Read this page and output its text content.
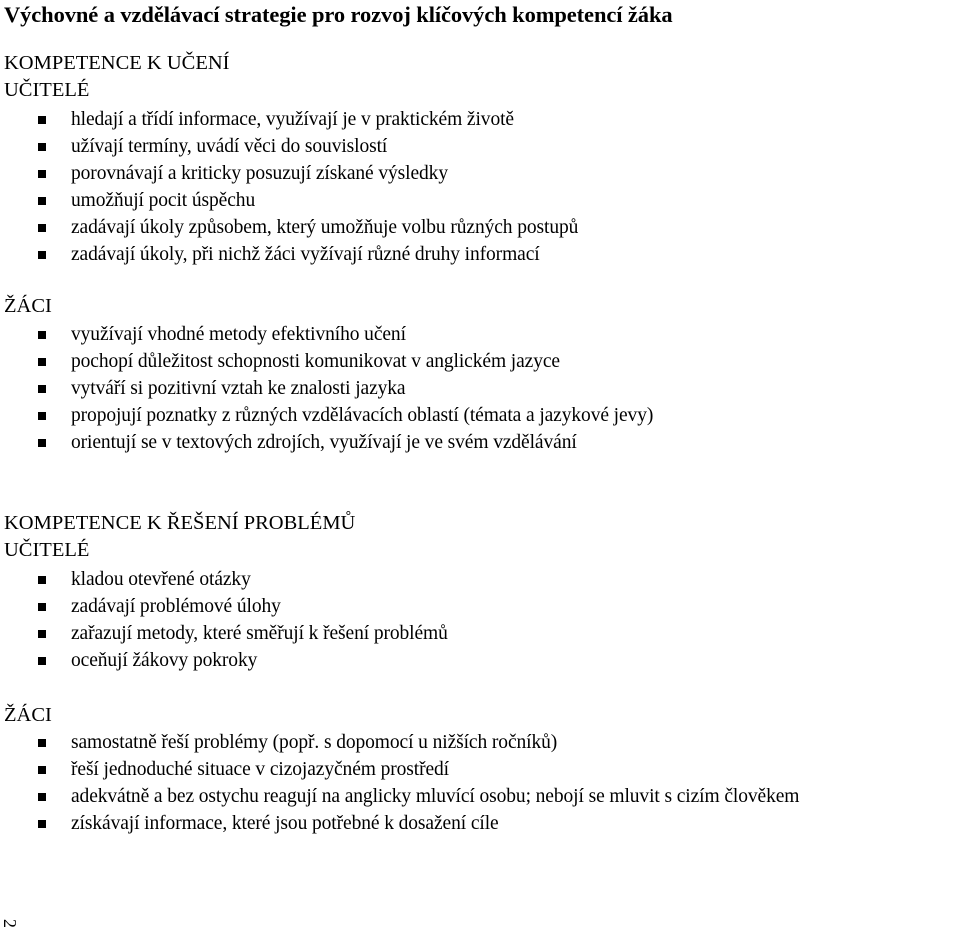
Výchovné a vzdělávací strategie pro rozvoj klíčových kompetencí žáka
KOMPETENCE K UČENÍ
UČITELÉ
hledají a třídí informace, využívají je v praktickém životě
užívají termíny, uvádí věci do souvislostí
porovnávají a kriticky posuzují získané výsledky
umožňují pocit úspěchu
zadávají úkoly způsobem, který umožňuje volbu různých postupů
zadávají úkoly, při nichž žáci vyžívají různé druhy informací
ŽÁCI
využívají vhodné metody efektivního učení
pochopí důležitost schopnosti komunikovat v anglickém jazyce
vytváří si pozitivní vztah ke znalosti jazyka
propojují poznatky z různých vzdělávacích oblastí (témata a jazykové jevy)
orientují se v textových zdrojích, využívají je ve svém vzdělávání
KOMPETENCE K ŘEŠENÍ PROBLÉMŮ
UČITELÉ
kladou otevřené otázky
zadávají problémové úlohy
zařazují metody, které směřují k řešení problémů
oceňují žákovy pokroky
ŽÁCI
samostatně řeší problémy (popř. s dopomocí u nižších ročníků)
řeší jednoduché situace v cizojazyčném prostředí
adekvátně a bez ostychu reagují na anglicky mluvící osobu; nebojí se mluvit s cizím člověkem
získávají informace, které jsou potřebné k dosažení cíle
2
